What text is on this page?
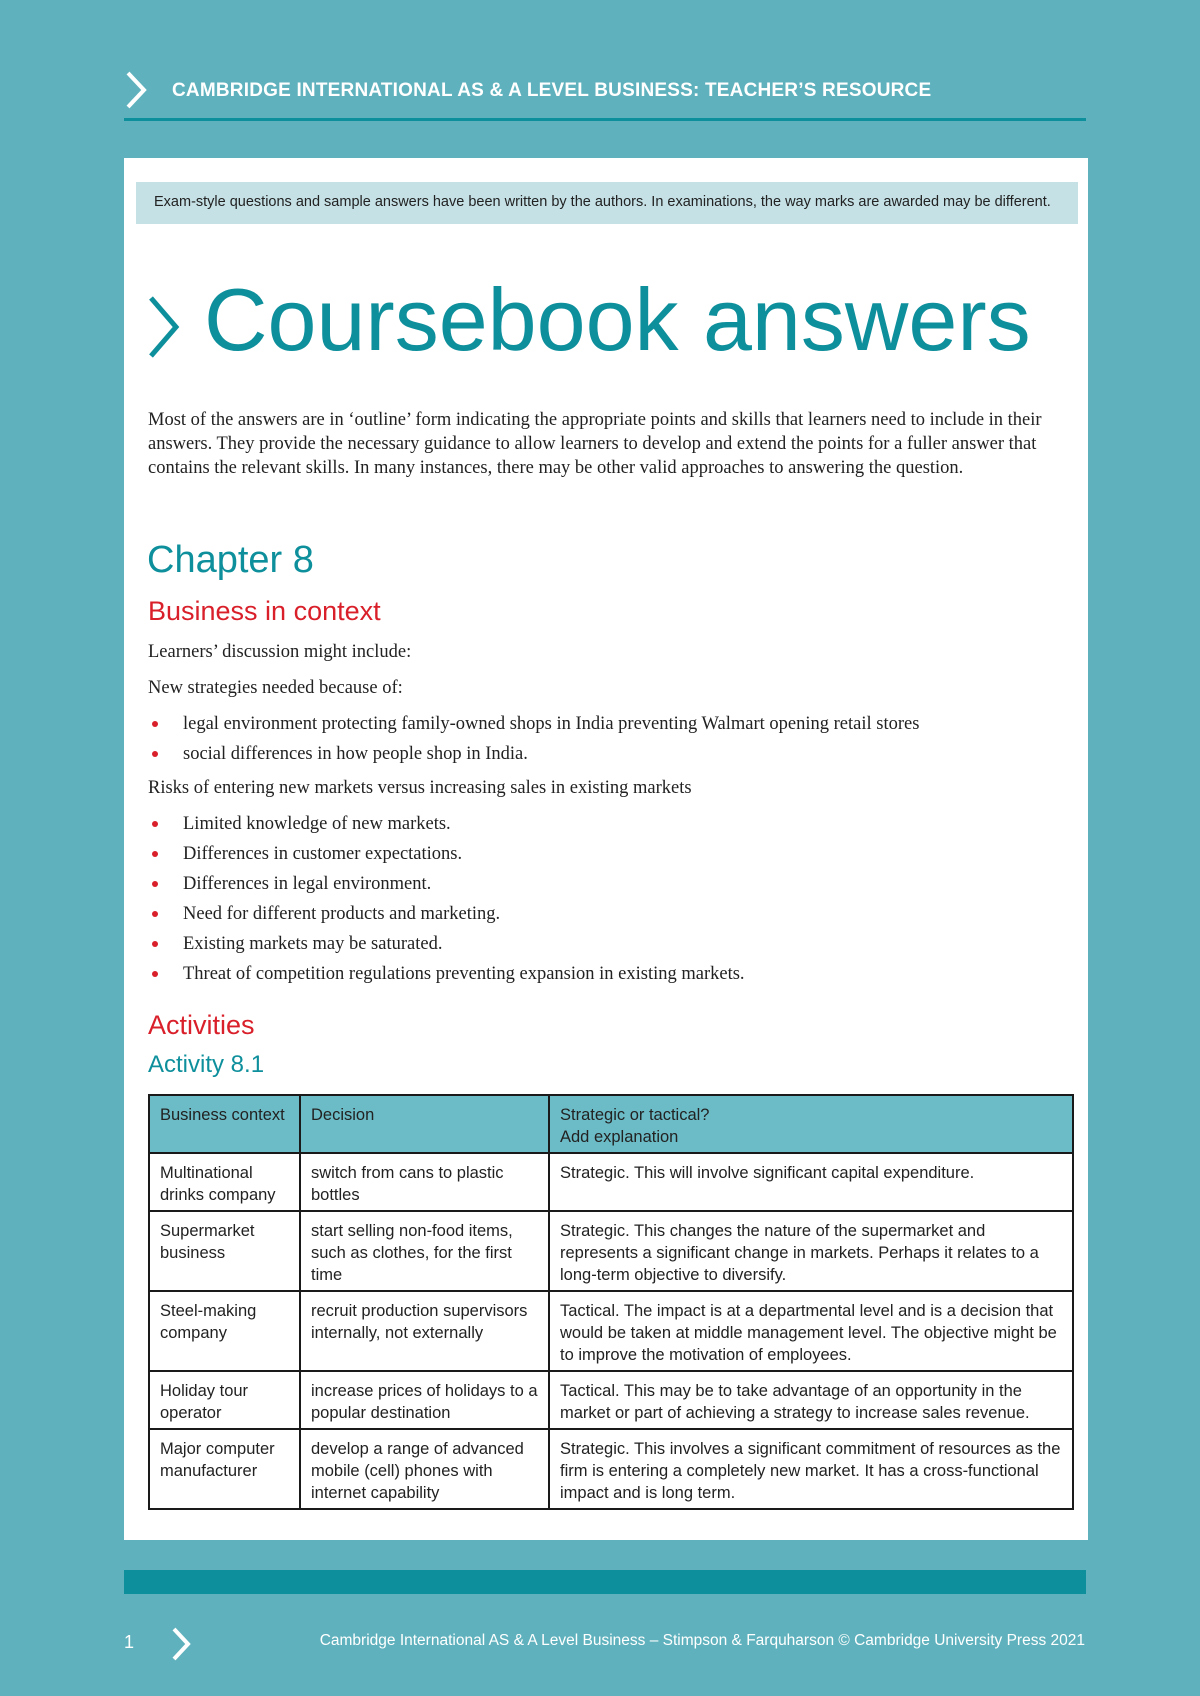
CAMBRIDGE INTERNATIONAL AS & A LEVEL BUSINESS: TEACHER’S RESOURCE
Exam-style questions and sample answers have been written by the authors. In examinations, the way marks are awarded may be different.
Coursebook answers
Most of the answers are in ‘outline’ form indicating the appropriate points and skills that learners need to include in their answers. They provide the necessary guidance to allow learners to develop and extend the points for a fuller answer that contains the relevant skills. In many instances, there may be other valid approaches to answering the question.
Chapter 8
Business in context
Learners’ discussion might include:
New strategies needed because of:
legal environment protecting family-owned shops in India preventing Walmart opening retail stores
social differences in how people shop in India.
Risks of entering new markets versus increasing sales in existing markets
Limited knowledge of new markets.
Differences in customer expectations.
Differences in legal environment.
Need for different products and marketing.
Existing markets may be saturated.
Threat of competition regulations preventing expansion in existing markets.
Activities
Activity 8.1
Business context	Decision	Strategic or tactical?
Add explanation
Multinational drinks company	switch from cans to plastic bottles	Strategic. This will involve significant capital expenditure.
Supermarket business	start selling non-food items, such as clothes, for the first time	Strategic. This changes the nature of the supermarket and represents a significant change in markets. Perhaps it relates to a long-term objective to diversify.
Steel-making company	recruit production supervisors internally, not externally	Tactical. The impact is at a departmental level and is a decision that would be taken at middle management level. The objective might be to improve the motivation of employees.
Holiday tour operator	increase prices of holidays to a popular destination	Tactical. This may be to take advantage of an opportunity in the market or part of achieving a strategy to increase sales revenue.
Major computer manufacturer	develop a range of advanced mobile (cell) phones with internet capability	Strategic. This involves a significant commitment of resources as the firm is entering a completely new market. It has a cross-functional impact and is long term.
1	Cambridge International AS & A Level Business – Stimpson & Farquharson © Cambridge University Press 2021
